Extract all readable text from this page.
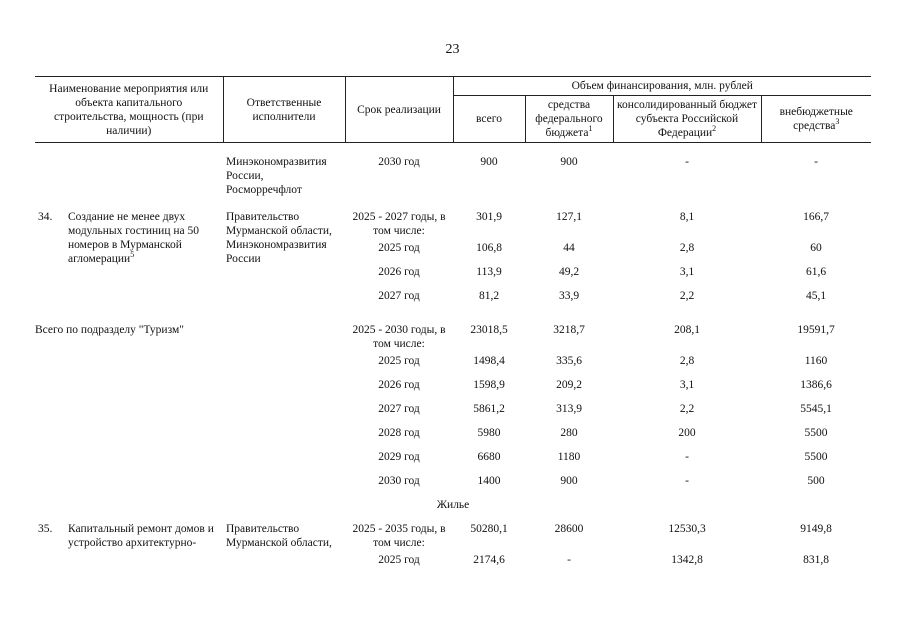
23
Наименование мероприятия или объекта капитального строительства, мощность (при наличии)	Ответственные исполнители	Срок реализации	Объем финансирования, млн. рублей			
			всего	средства федерального бюджета$^1$	консолидированный бюджет субъекта Российской Федерации$^2$	внебюджетные средства$^3$
	Минэкономразвития России, Росморречфлот	2030 год	900	900	-	-

34. Создание не менее двух модульных гостиниц на 50 номеров в Мурманской агломерации$^5$	Правительство Мурманской области, Минэкономразвития России	2025 - 2027 годы, в том числе:	301,9	127,1	8,1	166,7
		2025 год	106,8	44	2,8	60
		2026 год	113,9	49,2	3,1	61,6
		2027 год	81,2	33,9	2,2	45,1

Всего по подразделу "Туризм"		2025 - 2030 годы, в том числе:	23018,5	3218,7	208,1	19591,7
		2025 год	1498,4	335,6	2,8	1160
		2026 год	1598,9	209,2	3,1	1386,6
		2027 год	5861,2	313,9	2,2	5545,1
		2028 год	5980	280	200	5500
		2029 год	6680	1180	-	5500
		2030 год	1400	900	-	500
Жилье						

35. Капитальный ремонт домов и устройство архитектурно-	Правительство Мурманской области,	2025 - 2035 годы, в том числе:	50280,1	28600	12530,3	9149,8
		2025 год	2174,6	-	1342,8	831,8
